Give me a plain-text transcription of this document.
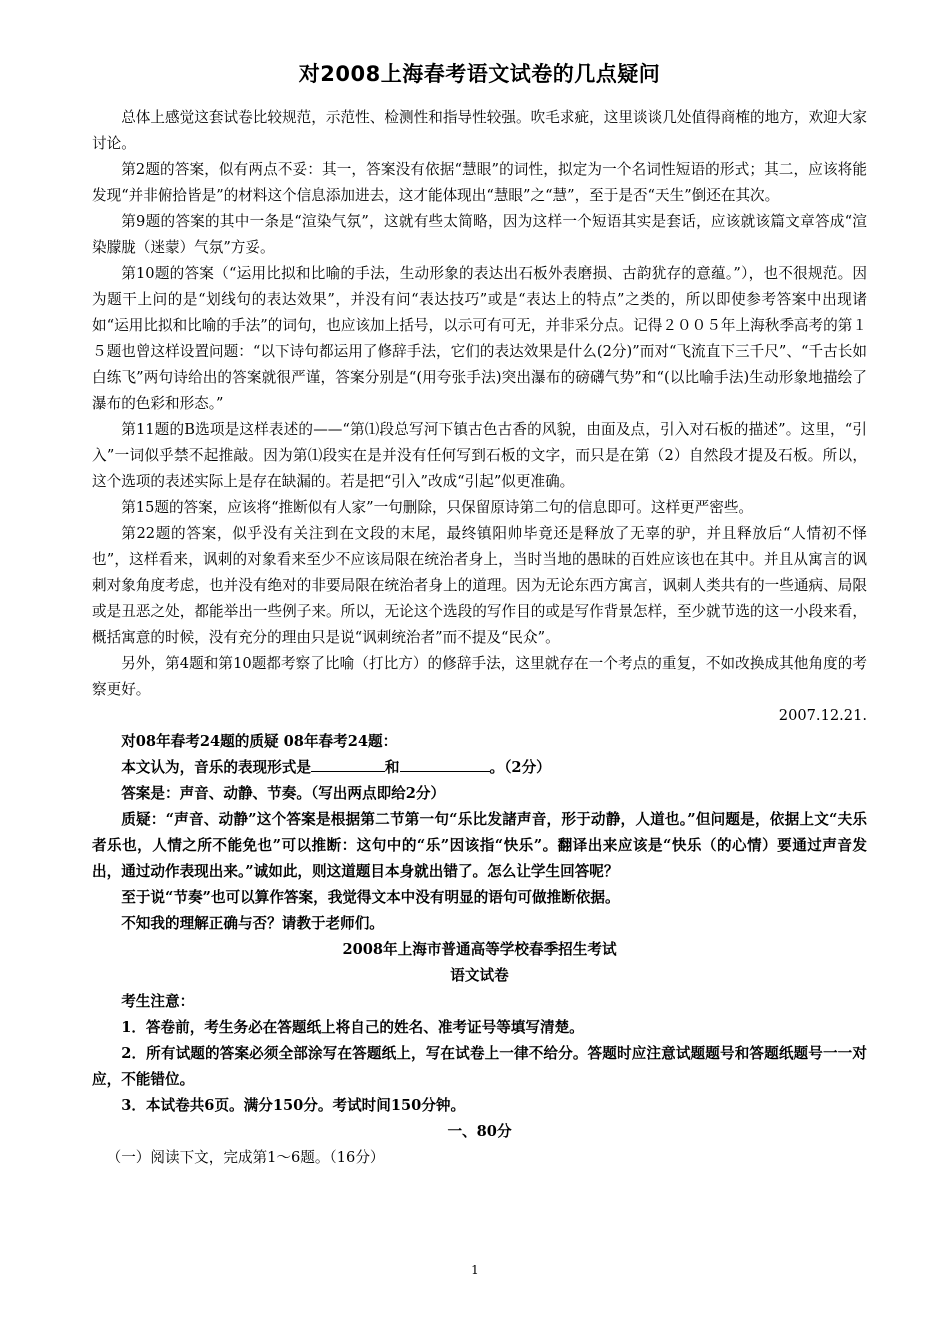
对2008上海春考语文试卷的几点疑问

总体上感觉这套试卷比较规范，示范性、检测性和指导性较强。吹毛求疵，这里谈谈几处值得商榷的地方，欢迎大家讨论。

第2题的答案，似有两点不妥：其一，答案没有依据“慧眼”的词性，拟定为一个名词性短语的形式；其二，应该将能发现“并非俯拾皆是”的材料这个信息添加进去，这才能体现出“慧眼”之“慧”，至于是否“天生”倒还在其次。

第9题的答案的其中一条是“渲染气氛”，这就有些太简略，因为这样一个短语其实是套话，应该就该篇文章答成“渲染朦胧（迷蒙）气氛”方妥。

第10题的答案（“运用比拟和比喻的手法，生动形象的表达出石板外表磨损、古韵犹存的意蕴。”），也不很规范。因为题干上问的是“划线句的表达效果”，并没有问“表达技巧”或是“表达上的特点”之类的，所以即使参考答案中出现诸如“运用比拟和比喻的手法”的词句，也应该加上括号，以示可有可无，并非采分点。记得２００５年上海秋季高考的第１５题也曾这样设置问题：“以下诗句都运用了修辞手法，它们的表达效果是什么(2分)”而对“飞流直下三千尺”、“千古长如白练飞”两句诗给出的答案就很严谨，答案分别是“(用夸张手法)突出瀑布的磅礴气势”和“(以比喻手法)生动形象地描绘了瀑布的色彩和形态。”

第11题的B选项是这样表述的——“第⑴段总写河下镇古色古香的风貌，由面及点，引入对石板的描述”。这里，“引入”一词似乎禁不起推敲。因为第⑴段实在是并没有任何写到石板的文字，而只是在第（2）自然段才提及石板。所以，这个选项的表述实际上是存在缺漏的。若是把“引入”改成“引起”似更准确。

第15题的答案，应该将“推断似有人家”一句删除，只保留原诗第二句的信息即可。这样更严密些。

第22题的答案，似乎没有关注到在文段的末尾，最终镇阳帅毕竟还是释放了无辜的驴，并且释放后“人情初不怿也”，这样看来，讽刺的对象看来至少不应该局限在统治者身上，当时当地的愚昧的百姓应该也在其中。并且从寓言的讽刺对象角度考虑，也并没有绝对的非要局限在统治者身上的道理。因为无论东西方寓言，讽刺人类共有的一些通病、局限或是丑恶之处，都能举出一些例子来。所以，无论这个选段的写作目的或是写作背景怎样，至少就节选的这一小段来看，概括寓意的时候，没有充分的理由只是说“讽刺统治者”而不提及“民众”。

另外，第4题和第10题都考察了比喻（打比方）的修辞手法，这里就存在一个考点的重复，不如改换成其他角度的考察更好。

2007.12.21.

对08年春考24题的质疑 08年春考24题：

本文认为，音乐的表现形式是	和	。（2分）

答案是：声音、动静、节奏。（写出两点即给2分）

质疑：“声音、动静”这个答案是根据第二节第一句“乐比发諸声音，形于动静，人道也。”但问题是，依据上文“夫乐者乐也，人情之所不能免也”可以推断：这句中的“乐”因该指“快乐”。翻译出来应该是“快乐（的心情）要通过声音发出，通过动作表现出来。”诚如此，则这道题目本身就出错了。怎么让学生回答呢？

至于说“节奏”也可以算作答案，我觉得文本中没有明显的语句可做推断依据。

不知我的理解正确与否？请教于老师们。

2008年上海市普通高等学校春季招生考试

语文试卷

考生注意：

1．答卷前，考生务必在答题纸上将自己的姓名、准考证号等填写清楚。

2．所有试题的答案必须全部涂写在答题纸上，写在试卷上一律不给分。答题时应注意试题题号和答题纸题号一一对应，不能错位。

3．本试卷共6页。满分150分。考试时间150分钟。

一、80分

（一）阅读下文，完成第1～6题。（16分）

1
